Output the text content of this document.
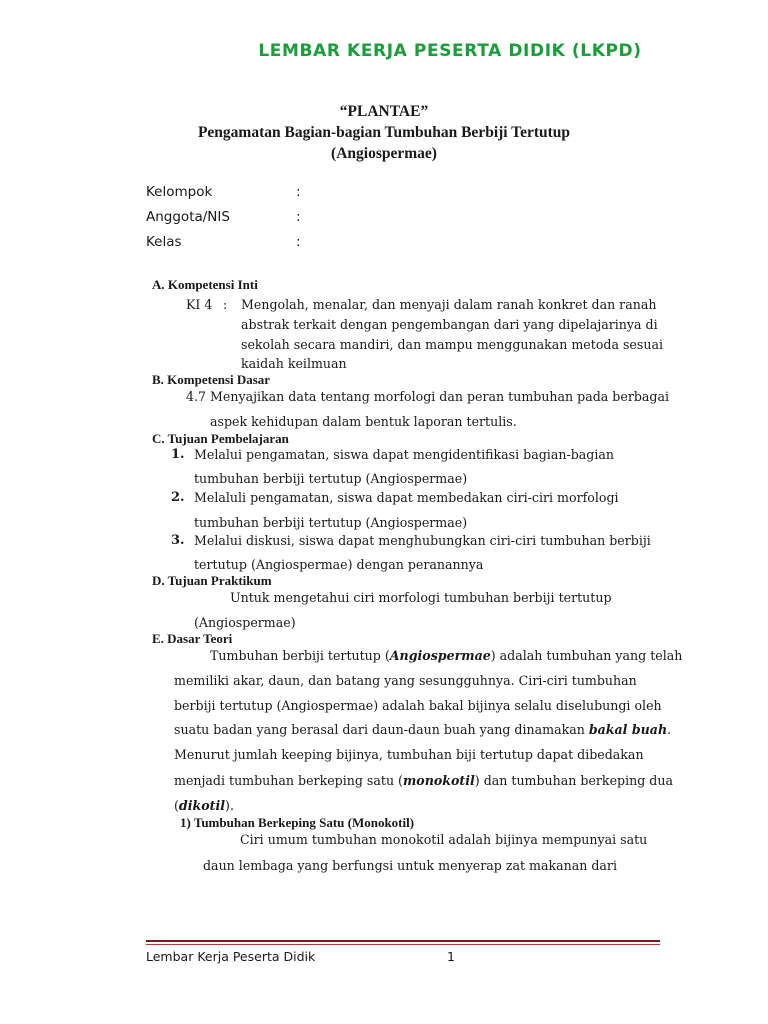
LEMBAR KERJA PESERTA DIDIK (LKPD)
“PLANTAE”
Pengamatan Bagian-bagian Tumbuhan Berbiji Tertutup
(Angiospermae)
Kelompok	:
Anggota/NIS	:
Kelas	:
A. Kompetensi Inti
KI 4 : Mengolah, menalar, dan menyaji dalam ranah konkret dan ranah
abstrak terkait dengan pengembangan dari yang dipelajarinya di
sekolah secara mandiri, dan mampu menggunakan metoda sesuai
kaidah keilmuan
B. Kompetensi Dasar
4.7 Menyajikan data tentang morfologi dan peran tumbuhan pada berbagai
aspek kehidupan dalam bentuk laporan tertulis.
C. Tujuan Pembelajaran
1. Melalui pengamatan, siswa dapat mengidentifikasi bagian-bagian
tumbuhan berbiji tertutup (Angiospermae)
2. Melaluli pengamatan, siswa dapat membedakan ciri-ciri morfologi
tumbuhan berbiji tertutup (Angiospermae)
3. Melalui diskusi, siswa dapat menghubungkan ciri-ciri tumbuhan berbiji
tertutup (Angiospermae) dengan peranannya
D. Tujuan Praktikum
Untuk mengetahui ciri morfologi tumbuhan berbiji tertutup
(Angiospermae)
E. Dasar Teori
Tumbuhan berbiji tertutup (Angiospermae) adalah tumbuhan yang telah
memiliki akar, daun, dan batang yang sesungguhnya. Ciri-ciri tumbuhan
berbiji tertutup (Angiospermae) adalah bakal bijinya selalu diselubungi oleh
suatu badan yang berasal dari daun-daun buah yang dinamakan bakal buah.
Menurut jumlah keeping bijinya, tumbuhan biji tertutup dapat dibedakan
menjadi tumbuhan berkeping satu (monokotil) dan tumbuhan berkeping dua
(dikotil).
1) Tumbuhan Berkeping Satu (Monokotil)
Ciri umum tumbuhan monokotil adalah bijinya mempunyai satu
daun lembaga yang berfungsi untuk menyerap zat makanan dari
Lembar Kerja Peserta Didik	1
